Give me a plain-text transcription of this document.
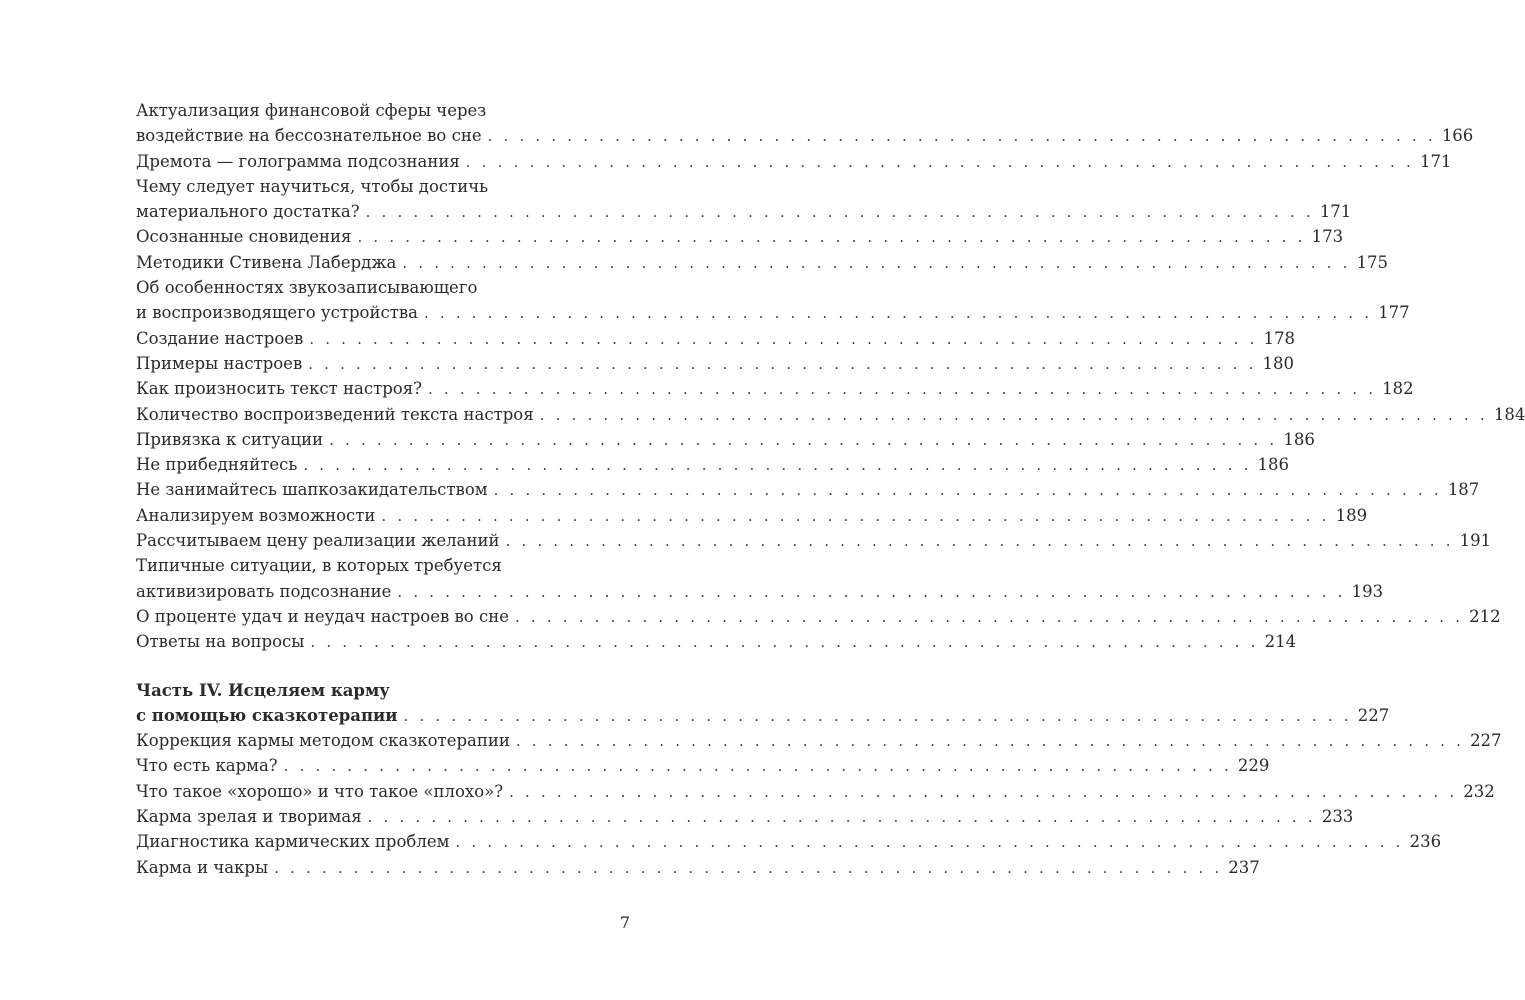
Актуализация финансовой сферы через
воздействие на бессознательное во сне . . . . . . . . . . . . . . . . . . . . . . . . . . . . . . . . . . . . . . . . . . . . . . . . . . . . . . . . . . . . 166
Дремота — голограмма подсознания . . . . . . . . . . . . . . . . . . . . . . . . . . . . . . . . . . . . . . . . . . . . . . . . . . . . . . . . . . . . 171
Чему следует научиться, чтобы достичь
материального достатка? . . . . . . . . . . . . . . . . . . . . . . . . . . . . . . . . . . . . . . . . . . . . . . . . . . . . . . . . . . . . 171
Осознанные сновидения . . . . . . . . . . . . . . . . . . . . . . . . . . . . . . . . . . . . . . . . . . . . . . . . . . . . . . . . . . . . 173
Методики Стивена Лаберджа . . . . . . . . . . . . . . . . . . . . . . . . . . . . . . . . . . . . . . . . . . . . . . . . . . . . . . . . . . . . 175
Об особенностях звукозаписывающего
и воспроизводящего устройства . . . . . . . . . . . . . . . . . . . . . . . . . . . . . . . . . . . . . . . . . . . . . . . . . . . . . . . . . . . . 177
Создание настроев . . . . . . . . . . . . . . . . . . . . . . . . . . . . . . . . . . . . . . . . . . . . . . . . . . . . . . . . . . . . 178
Примеры настроев . . . . . . . . . . . . . . . . . . . . . . . . . . . . . . . . . . . . . . . . . . . . . . . . . . . . . . . . . . . . 180
Как произносить текст настроя? . . . . . . . . . . . . . . . . . . . . . . . . . . . . . . . . . . . . . . . . . . . . . . . . . . . . . . . . . . . . 182
Количество воспроизведений текста настроя . . . . . . . . . . . . . . . . . . . . . . . . . . . . . . . . . . . . . . . . . . . . . . . . . . . . . . . . . . . . 184
Привязка к ситуации . . . . . . . . . . . . . . . . . . . . . . . . . . . . . . . . . . . . . . . . . . . . . . . . . . . . . . . . . . . . 186
Не прибедняйтесь . . . . . . . . . . . . . . . . . . . . . . . . . . . . . . . . . . . . . . . . . . . . . . . . . . . . . . . . . . . . 186
Не занимайтесь шапкозакидательством . . . . . . . . . . . . . . . . . . . . . . . . . . . . . . . . . . . . . . . . . . . . . . . . . . . . . . . . . . . . 187
Анализируем возможности . . . . . . . . . . . . . . . . . . . . . . . . . . . . . . . . . . . . . . . . . . . . . . . . . . . . . . . . . . . . 189
Рассчитываем цену реализации желаний . . . . . . . . . . . . . . . . . . . . . . . . . . . . . . . . . . . . . . . . . . . . . . . . . . . . . . . . . . . . 191
Типичные ситуации, в которых требуется
активизировать подсознание . . . . . . . . . . . . . . . . . . . . . . . . . . . . . . . . . . . . . . . . . . . . . . . . . . . . . . . . . . . . 193
О проценте удач и неудач настроев во сне . . . . . . . . . . . . . . . . . . . . . . . . . . . . . . . . . . . . . . . . . . . . . . . . . . . . . . . . . . . . 212
Ответы на вопросы . . . . . . . . . . . . . . . . . . . . . . . . . . . . . . . . . . . . . . . . . . . . . . . . . . . . . . . . . . . . 214
Часть IV. Исцеляем карму
с помощью сказкотерапии . . . . . . . . . . . . . . . . . . . . . . . . . . . . . . . . . . . . . . . . . . . . . . . . . . . . . . . . . . . . 227
Коррекция кармы методом сказкотерапии . . . . . . . . . . . . . . . . . . . . . . . . . . . . . . . . . . . . . . . . . . . . . . . . . . . . . . . . . . . . 227
Что есть карма? . . . . . . . . . . . . . . . . . . . . . . . . . . . . . . . . . . . . . . . . . . . . . . . . . . . . . . . . . . . . 229
Что такое «хорошо» и что такое «плохо»? . . . . . . . . . . . . . . . . . . . . . . . . . . . . . . . . . . . . . . . . . . . . . . . . . . . . . . . . . . . . 232
Карма зрелая и творимая . . . . . . . . . . . . . . . . . . . . . . . . . . . . . . . . . . . . . . . . . . . . . . . . . . . . . . . . . . . . 233
Диагностика кармических проблем . . . . . . . . . . . . . . . . . . . . . . . . . . . . . . . . . . . . . . . . . . . . . . . . . . . . . . . . . . . . 236
Карма и чакры . . . . . . . . . . . . . . . . . . . . . . . . . . . . . . . . . . . . . . . . . . . . . . . . . . . . . . . . . . . . 237
7
